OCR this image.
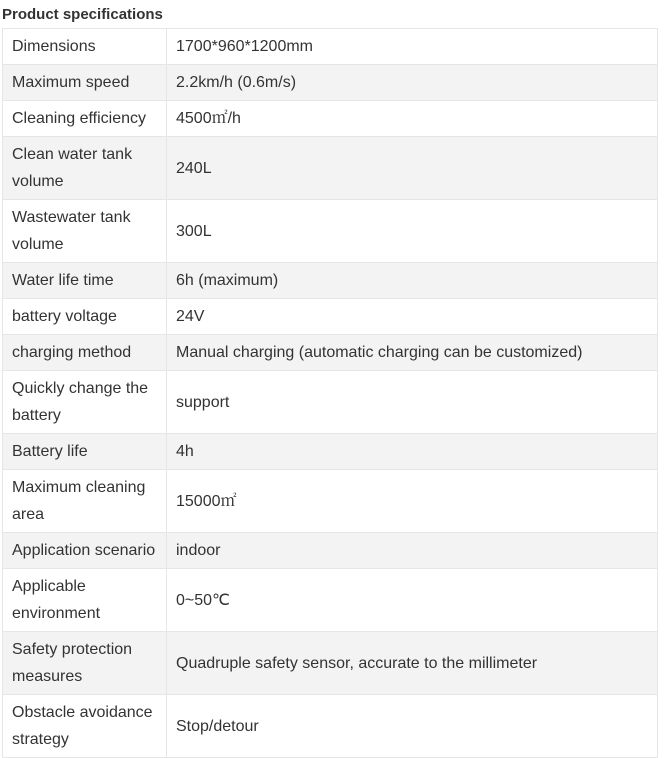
Product specifications
Dimensions	1700*960*1200mm
Maximum speed	2.2km/h (0.6m/s)
Cleaning efficiency	4500㎡/h
Clean water tank volume	240L
Wastewater tank volume	300L
Water life time	6h (maximum)
battery voltage	24V
charging method	Manual charging (automatic charging can be customized)
Quickly change the battery	support
Battery life	4h
Maximum cleaning area	15000㎡
Application scenario	indoor
Applicable environment	0~50℃
Safety protection measures	Quadruple safety sensor, accurate to the millimeter
Obstacle avoidance strategy	Stop/detour
